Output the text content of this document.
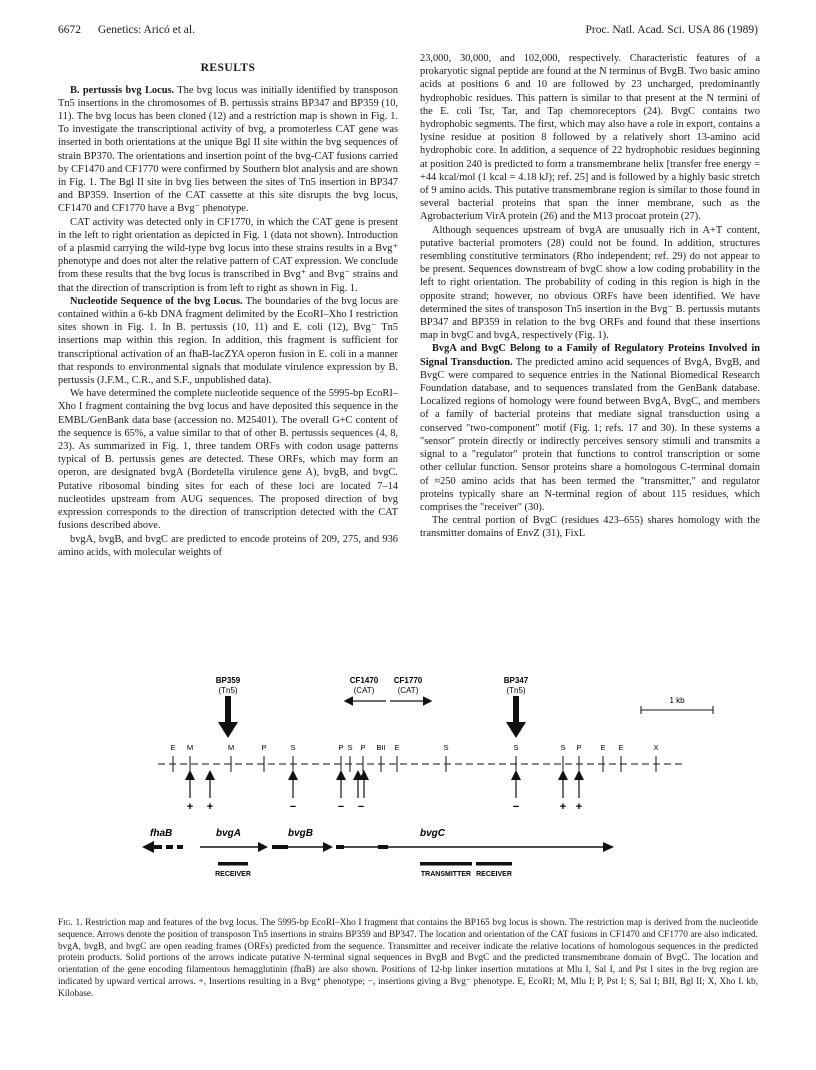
6672 Genetics: Aricó et al.	Proc. Natl. Acad. Sci. USA 86 (1989)
RESULTS

B. pertussis bvg Locus. The bvg locus was initially identified by transposon Tn5 insertions in the chromosomes of B. pertussis strains BP347 and BP359 (10, 11). The bvg locus has been cloned (12) and a restriction map is shown in Fig. 1. To investigate the transcriptional activity of bvg, a promoterless CAT gene was inserted in both orientations at the unique Bgl II site within the bvg sequences of strain BP370. The orientations and insertion point of the bvg-CAT fusions carried by CF1470 and CF1770 were confirmed by Southern blot analysis and are shown in Fig. 1. The Bgl II site in bvg lies between the sites of Tn5 insertion in BP347 and BP359. Insertion of the CAT cassette at this site disrupts the bvg locus, CF1470 and CF1770 have a Bvg⁻ phenotype.

CAT activity was detected only in CF1770, in which the CAT gene is present in the left to right orientation as depicted in Fig. 1 (data not shown). Introduction of a plasmid carrying the wild-type bvg locus into these strains results in a Bvg⁺ phenotype and does not alter the relative pattern of CAT expression. We conclude from these results that the bvg locus is transcribed in Bvg⁺ and Bvg⁻ strains and that the direction of transcription is from left to right as shown in Fig. 1.

Nucleotide Sequence of the bvg Locus. The boundaries of the bvg locus are contained within a 6-kb DNA fragment delimited by the EcoRI–Xho I restriction sites shown in Fig. 1. In B. pertussis (10, 11) and E. coli (12), Bvg⁻ Tn5 insertions map within this region. In addition, this fragment is sufficient for transcriptional activation of an fhaB-lacZYA operon fusion in E. coli in a manner that responds to environmental signals that modulate virulence expression by B. pertussis (J.F.M., C.R., and S.F., unpublished data).

We have determined the complete nucleotide sequence of the 5995-bp EcoRI–Xho I fragment containing the bvg locus and have deposited this sequence in the EMBL/GenBank data base (accession no. M25401). The overall G+C content of the sequence is 65%, a value similar to that of other B. pertussis sequences (4, 8, 23). As summarized in Fig. 1, three tandem ORFs with codon usage patterns typical of B. pertussis genes are detected. These ORFs, which may form an operon, are designated bvgA (Bordetella virulence gene A), bvgB, and bvgC. Putative ribosomal binding sites for each of these loci are located 7–14 nucleotides upstream from AUG sequences. The proposed direction of bvg expression corresponds to the direction of transcription detected with the CAT fusions described above.

bvgA, bvgB, and bvgC are predicted to encode proteins of 209, 275, and 936 amino acids, with molecular weights of

23,000, 30,000, and 102,000, respectively. Characteristic features of a prokaryotic signal peptide are found at the N terminus of BvgB. Two basic amino acids at positions 6 and 10 are followed by 23 uncharged, predominantly hydrophobic residues. This pattern is similar to that present at the N termini of the E. coli Tsr, Tar, and Tap chemoreceptors (24). BvgC contains two hydrophobic segments. The first, which may also have a role in export, contains a lysine residue at position 8 followed by a relatively short 13-amino acid hydrophobic core. In addition, a sequence of 22 hydrophobic residues beginning at position 240 is predicted to form a transmembrane helix [transfer free energy = +44 kcal/mol (1 kcal = 4.18 kJ); ref. 25] and is followed by a highly basic stretch of 9 amino acids. This putative transmembrane region is similar to those found in several bacterial proteins that span the inner membrane, such as the Agrobacterium VirA protein (26) and the M13 procoat protein (27).

Although sequences upstream of bvgA are unusually rich in A+T content, putative bacterial promoters (28) could not be found. In addition, structures resembling constitutive terminators (Rho independent; ref. 29) do not appear to be present. Sequences downstream of bvgC show a low coding probability in the left to right orientation. The probability of coding in this region is high in the opposite strand; however, no obvious ORFs have been identified. We have determined the sites of transposon Tn5 insertion in the Bvg⁻ B. pertussis mutants BP347 and BP359 in relation to the bvg ORFs and found that these insertions map in bvgC and bvgA, respectively (Fig. 1).

BvgA and BvgC Belong to a Family of Regulatory Proteins Involved in Signal Transduction. The predicted amino acid sequences of BvgA, BvgB, and BvgC were compared to sequence entries in the National Biomedical Research Foundation database, and to sequences translated from the GenBank database. Localized regions of homology were found between BvgA, BvgC, and members of a family of bacterial proteins that mediate signal transduction using a conserved "two-component" motif (Fig. 1; refs. 17 and 30). In these systems a "sensor" protein directly or indirectly perceives sensory stimuli and transmits a signal to a "regulator" protein that functions to control transcription or some other cellular function. Sensor proteins share a homologous C-terminal domain of ≈250 amino acids that has been termed the "transmitter," and regulator proteins typically share an N-terminal region of about 115 residues, which comprises the "receiver" (30).

The central portion of BvgC (residues 423–655) shares homology with the transmitter domains of EnvZ (31), FixL

BP359
(Tn5)
BP347
(Tn5)
CF1470
(CAT)
CF1770
(CAT)
1 kb
E M	M	P	S	P S P BII E	S	S	S P E E	X
+ +	−	− −	−	+ +
fhaB	bvgA	bvgB	bvgC
RECEIVER	TRANSMITTER RECEIVER
Fig. 1. Restriction map and features of the bvg locus. The 5995-bp EcoRI–Xho I fragment that contains the BP165 bvg locus is shown. The restriction map is derived from the nucleotide sequence. Arrows denote the position of transposon Tn5 insertions in strains BP359 and BP347. The location and orientation of the CAT fusions in CF1470 and CF1770 are also indicated. bvgA, bvgB, and bvgC are open reading frames (ORFs) predicted from the sequence. Transmitter and receiver indicate the relative locations of homologous sequences in the predicted protein products. Solid portions of the arrows indicate putative N-terminal signal sequences in BvgB and BvgC and the predicted transmembrane domain of BvgC. The location and orientation of the gene encoding filamentous hemagglutinin (fhaB) are also shown. Positions of 12-bp linker insertion mutations at Mlu I, Sal I, and Pst I sites in the bvg region are indicated by upward vertical arrows. +, Insertions resulting in a Bvg⁺ phenotype; −, insertions giving a Bvg⁻ phenotype. E, EcoRI; M, Mlu I; P, Pst I; S, Sal I; BII, Bgl II; X, Xho I. kb, Kilobase.
